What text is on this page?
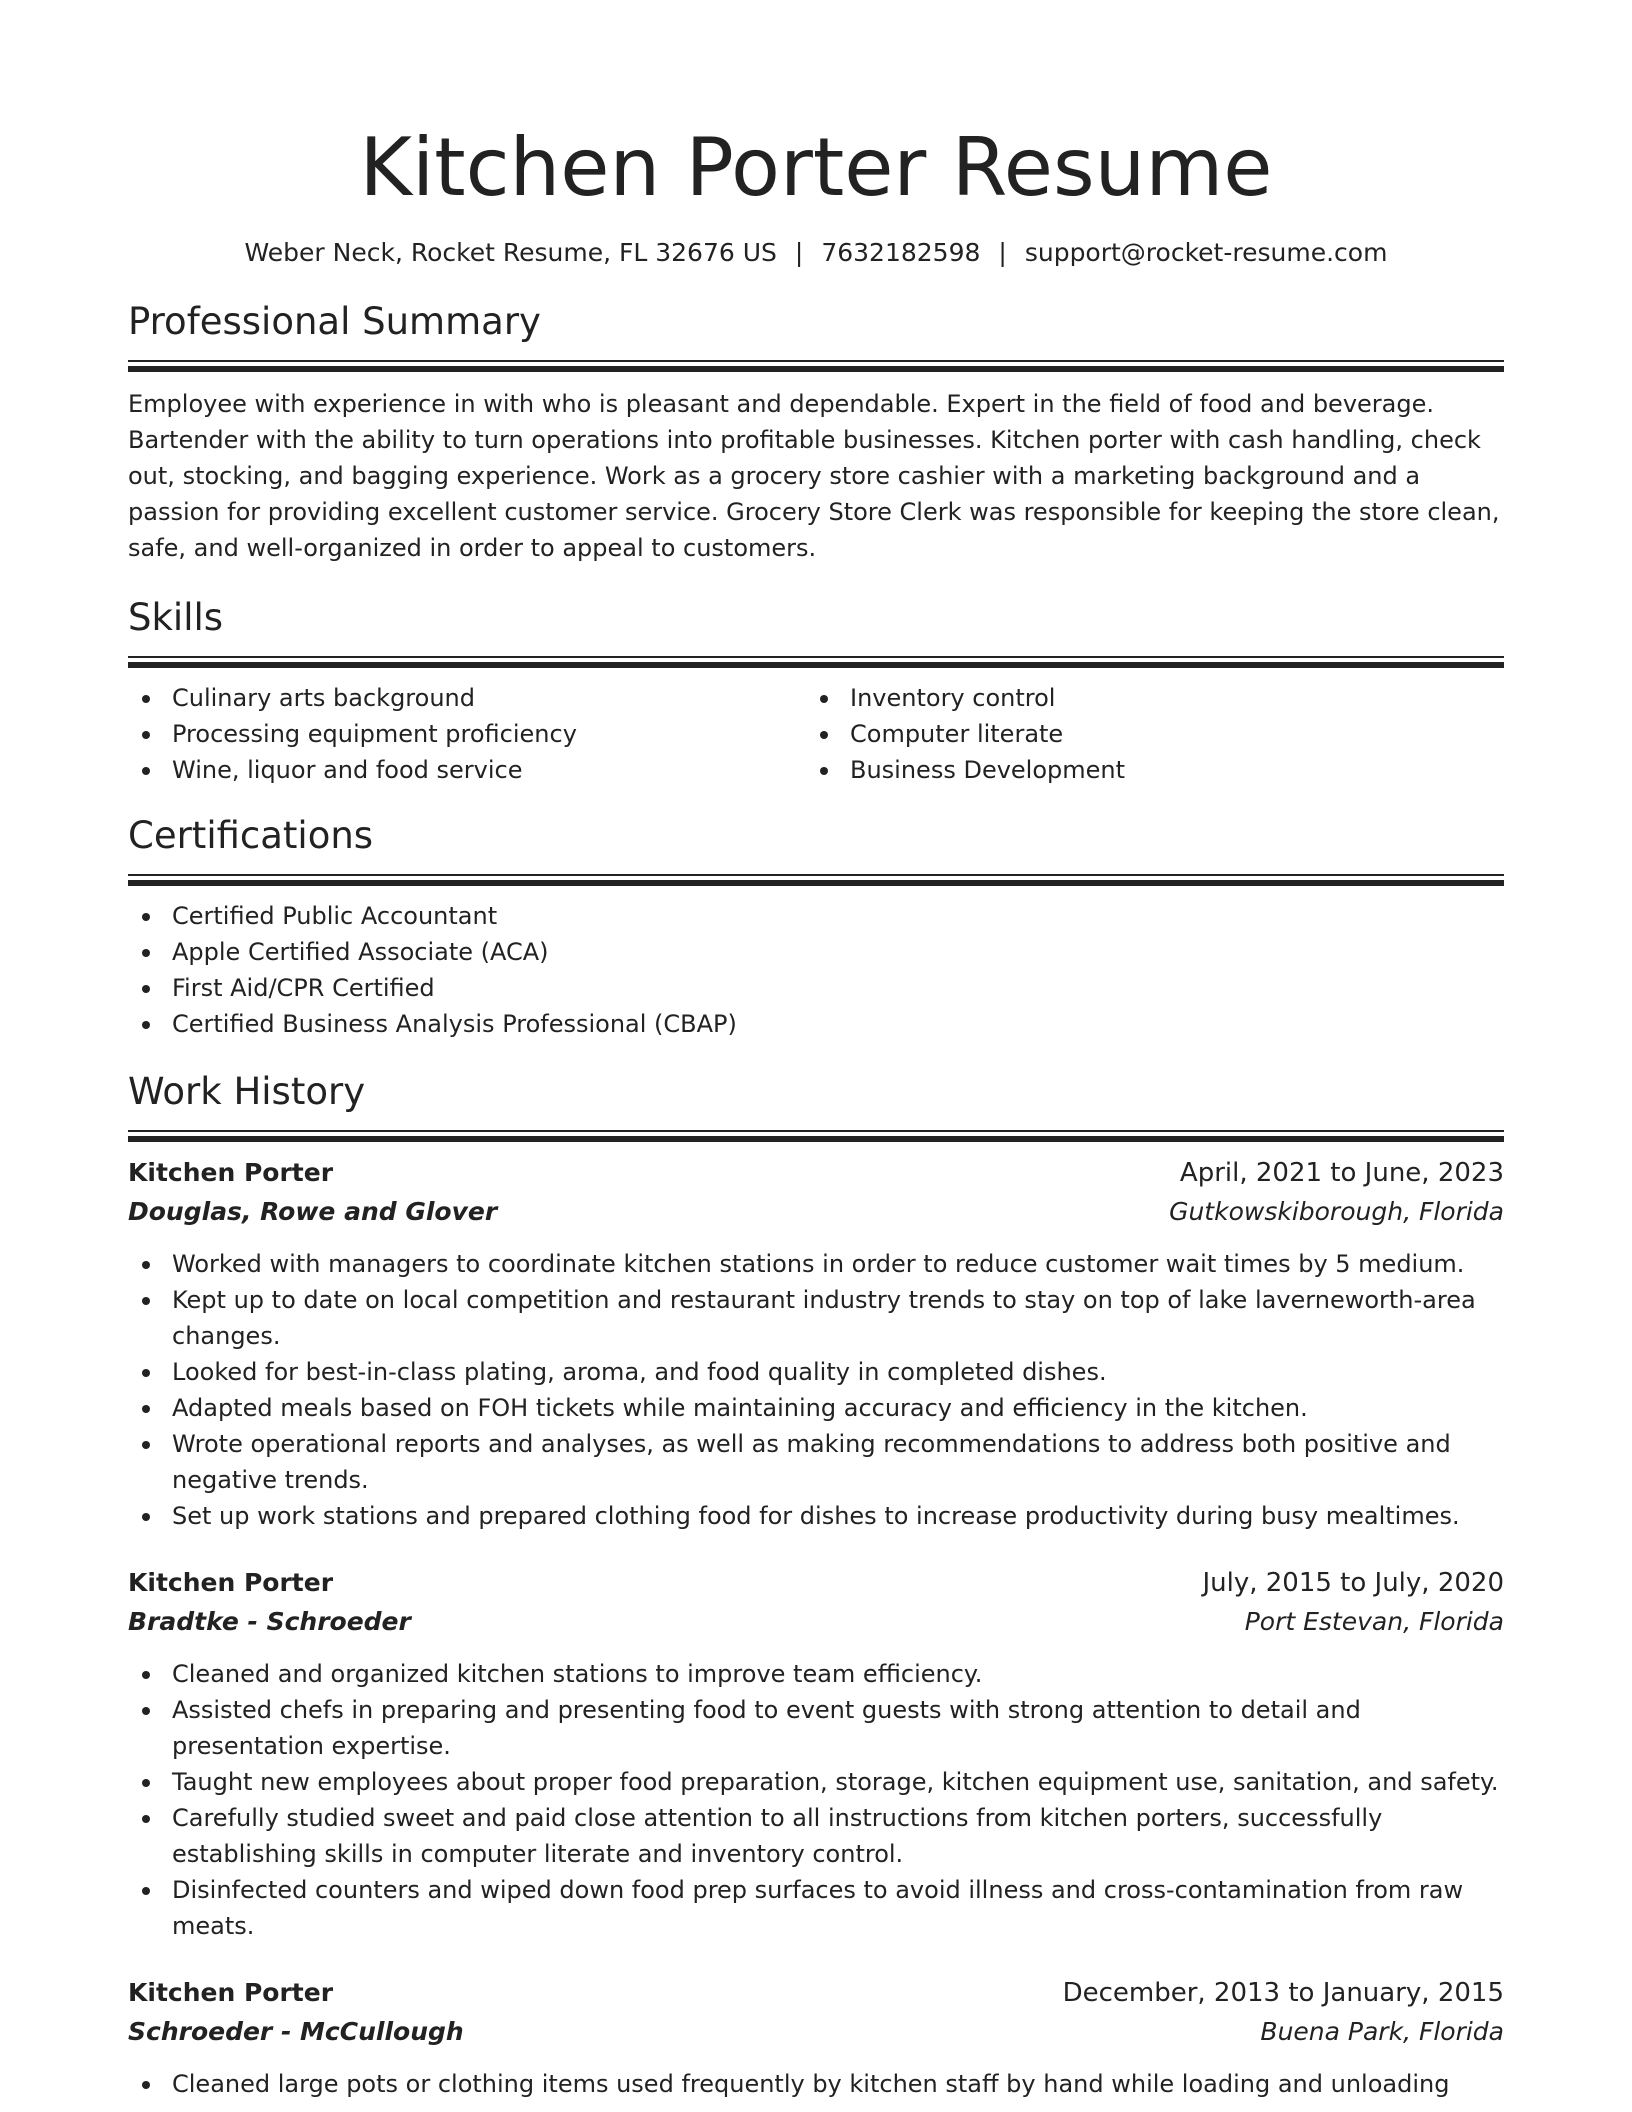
Kitchen Porter Resume
Weber Neck, Rocket Resume, FL 32676 US | 7632182598 | support@rocket-resume.com
Professional Summary
Employee with experience in with who is pleasant and dependable. Expert in the field of food and beverage. Bartender with the ability to turn operations into profitable businesses. Kitchen porter with cash handling, check out, stocking, and bagging experience. Work as a grocery store cashier with a marketing background and a passion for providing excellent customer service. Grocery Store Clerk was responsible for keeping the store clean, safe, and well-organized in order to appeal to customers.
Skills
Culinary arts background
Processing equipment proficiency
Wine, liquor and food service
Inventory control
Computer literate
Business Development
Certifications
Certified Public Accountant
Apple Certified Associate (ACA)
First Aid/CPR Certified
Certified Business Analysis Professional (CBAP)
Work History
Kitchen Porter	April, 2021 to June, 2023
Douglas, Rowe and Glover	Gutkowskiborough, Florida
Worked with managers to coordinate kitchen stations in order to reduce customer wait times by 5 medium.
Kept up to date on local competition and restaurant industry trends to stay on top of lake laverneworth-area changes.
Looked for best-in-class plating, aroma, and food quality in completed dishes.
Adapted meals based on FOH tickets while maintaining accuracy and efficiency in the kitchen.
Wrote operational reports and analyses, as well as making recommendations to address both positive and negative trends.
Set up work stations and prepared clothing food for dishes to increase productivity during busy mealtimes.
Kitchen Porter	July, 2015 to July, 2020
Bradtke - Schroeder	Port Estevan, Florida
Cleaned and organized kitchen stations to improve team efficiency.
Assisted chefs in preparing and presenting food to event guests with strong attention to detail and presentation expertise.
Taught new employees about proper food preparation, storage, kitchen equipment use, sanitation, and safety.
Carefully studied sweet and paid close attention to all instructions from kitchen porters, successfully establishing skills in computer literate and inventory control.
Disinfected counters and wiped down food prep surfaces to avoid illness and cross-contamination from raw meats.
Kitchen Porter	December, 2013 to January, 2015
Schroeder - McCullough	Buena Park, Florida
Cleaned large pots or clothing items used frequently by kitchen staff by hand while loading and unloading
